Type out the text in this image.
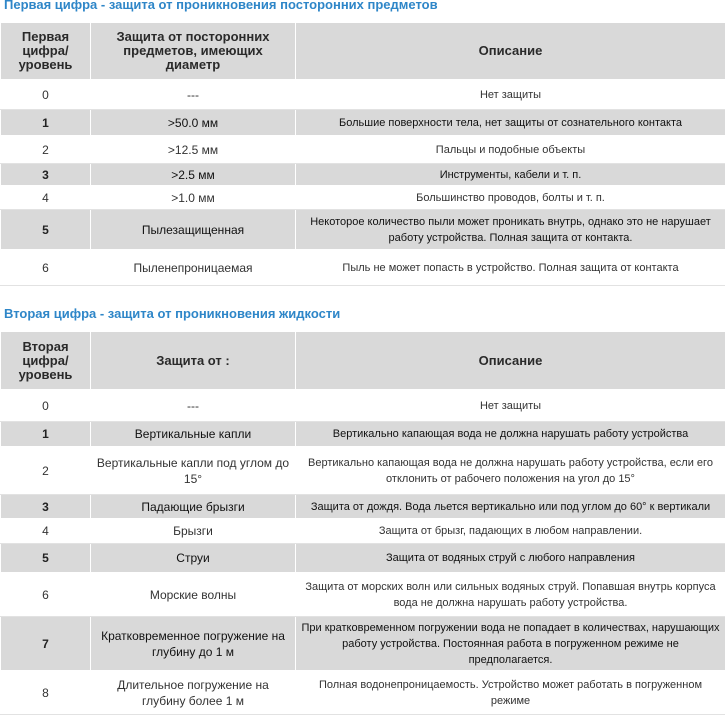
Первая цифра - защита от проникновения посторонних предметов
Первая цифра/ уровень	Защита от посторонних предметов, имеющих диаметр	Описание
0	---	Нет защиты
1	>50.0 мм	Большие поверхности тела, нет защиты от сознательного контакта
2	>12.5 мм	Пальцы и подобные объекты
3	>2.5 мм	Инструменты, кабели и т. п.
4	>1.0 мм	Большинство проводов, болты и т. п.
5	Пылезащищенная	Некоторое количество пыли может проникать внутрь, однако это не нарушает работу устройства. Полная защита от контакта.
6	Пыленепроницаемая	Пыль не может попасть в устройство. Полная защита от контакта
Вторая цифра - защита от проникновения жидкости
Вторая цифра/ уровень	Защита от :	Описание
0	---	Нет защиты
1	Вертикальные капли	Вертикально капающая вода не должна нарушать работу устройства
2	Вертикальные капли под углом до 15°	Вертикально капающая вода не должна нарушать работу устройства, если его отклонить от рабочего положения на угол до 15°
3	Падающие брызги	Защита от дождя. Вода льется вертикально или под углом до 60° к вертикали
4	Брызги	Защита от брызг, падающих в любом направлении.
5	Струи	Защита от водяных струй с любого направления
6	Морские волны	Защита от морских волн или сильных водяных струй. Попавшая внутрь корпуса вода не должна нарушать работу устройства.
7	Кратковременное погружение на глубину до 1 м	При кратковременном погружении вода не попадает в количествах, нарушающих работу устройства. Постоянная работа в погруженном режиме не предполагается.
8	Длительное погружение на глубину более 1 м	Полная водонепроницаемость. Устройство может работать в погруженном режиме
